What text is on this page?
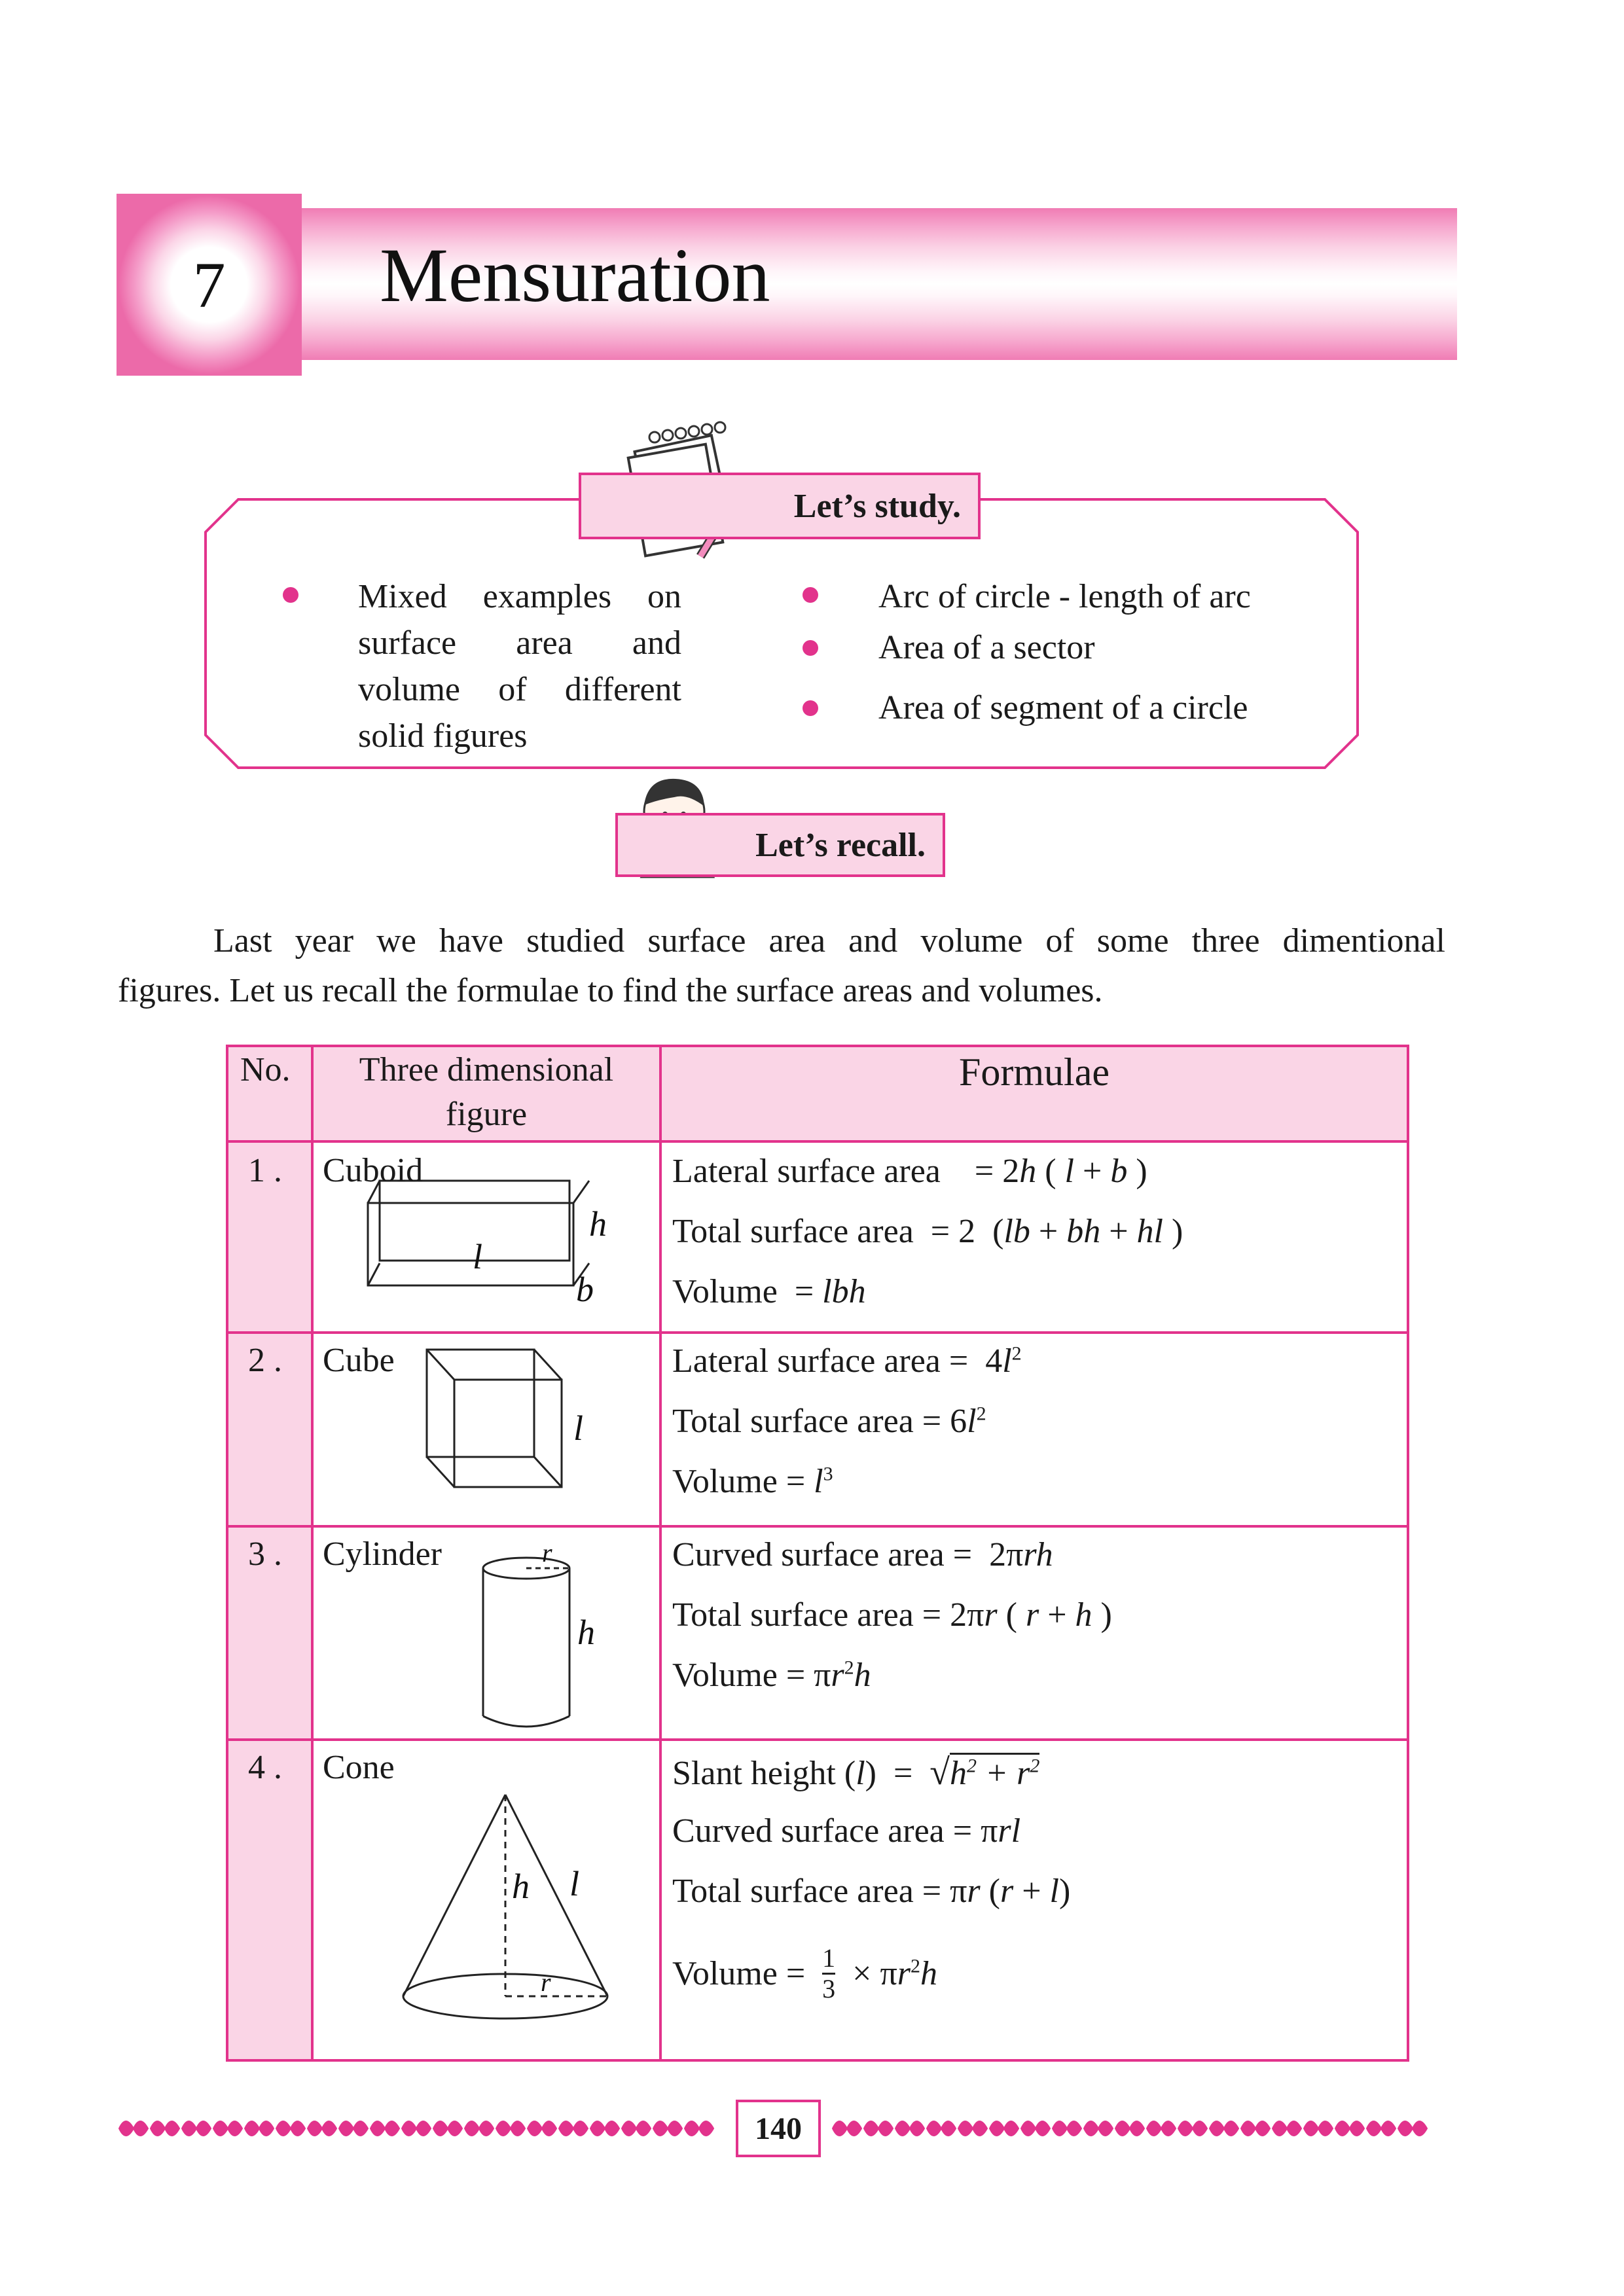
7	Mensuration
h
l
b
l
r
h
h l
r
Let’s study.
Mixed examples on
surface area and
volume of different
solid figures
Arc of circle - length of arc
Area of a sector
Area of segment of a circle
Let’s recall.
Last year we have studied surface area and volume of some three dimentional
figures. Let us recall the formulae to find the surface areas and volumes.
No.	Three dimensional
figure
Formulae
1 . Cuboid	Lateral surface area    = 2h ( l + b )
Total surface area  = 2  (lb + bh + hl )
Volume  = lbh
2 . Cube	Lateral surface area =  $4l^2$
Total surface area = $6l^2$
Volume = $l^3$
3 . Cylinder	Curved surface area =  2πrh
Total surface area = 2πr ( r + h )
Volume = $\pi r^2h$
4 . Cone	Slant height $(l) = √h^2 + r^2$
Curved surface area = πrl
Total surface area = πr (r + l)
Volume = $\frac{1}{3} \times \pi r^2h$
140
